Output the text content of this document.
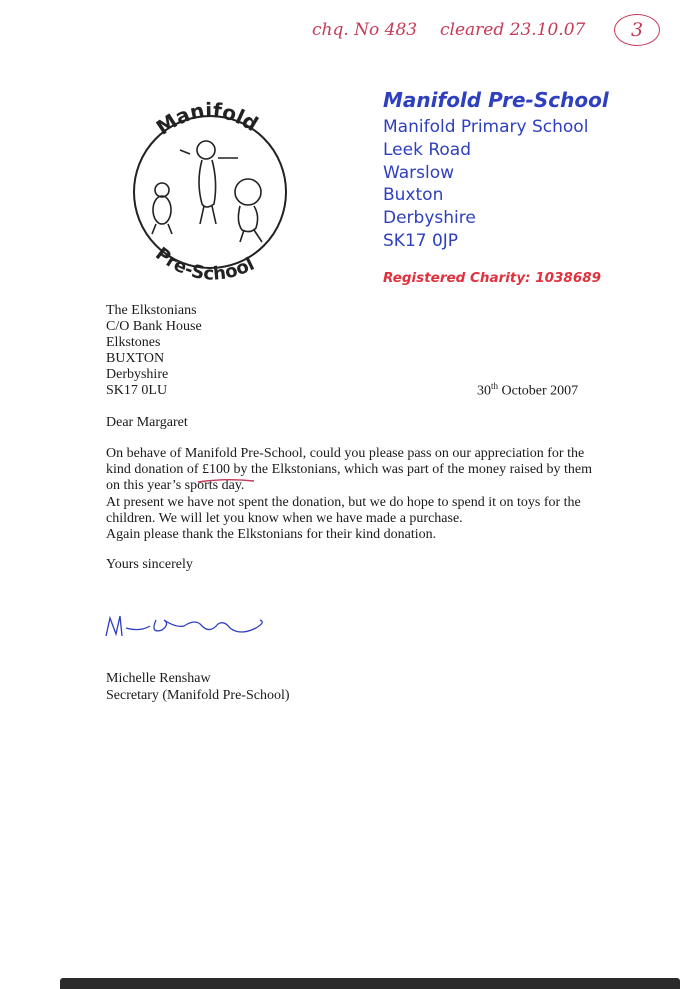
chq. No 483 cleared 23.10.07	3
Manifold
Pre-School
Manifold Pre-School
Manifold Primary School
Leek Road
Warslow
Buxton
Derbyshire
SK17 0JP
Registered Charity: 1038689
The Elkstonians
C/O Bank House
Elkstones
BUXTON
Derbyshire
SK17 0LU	30th October 2007
Dear Margaret

On behave of Manifold Pre-School, could you please pass on our appreciation for the kind donation of £100 by the Elkstonians, which was part of the money raised by them on this year’s sports day.

At present we have not spent the donation, but we do hope to spend it on toys for the children. We will let you know when we have made a purchase.

Again please thank the Elkstonians for their kind donation.

Yours sincerely
Michelle Renshaw
Secretary (Manifold Pre-School)
